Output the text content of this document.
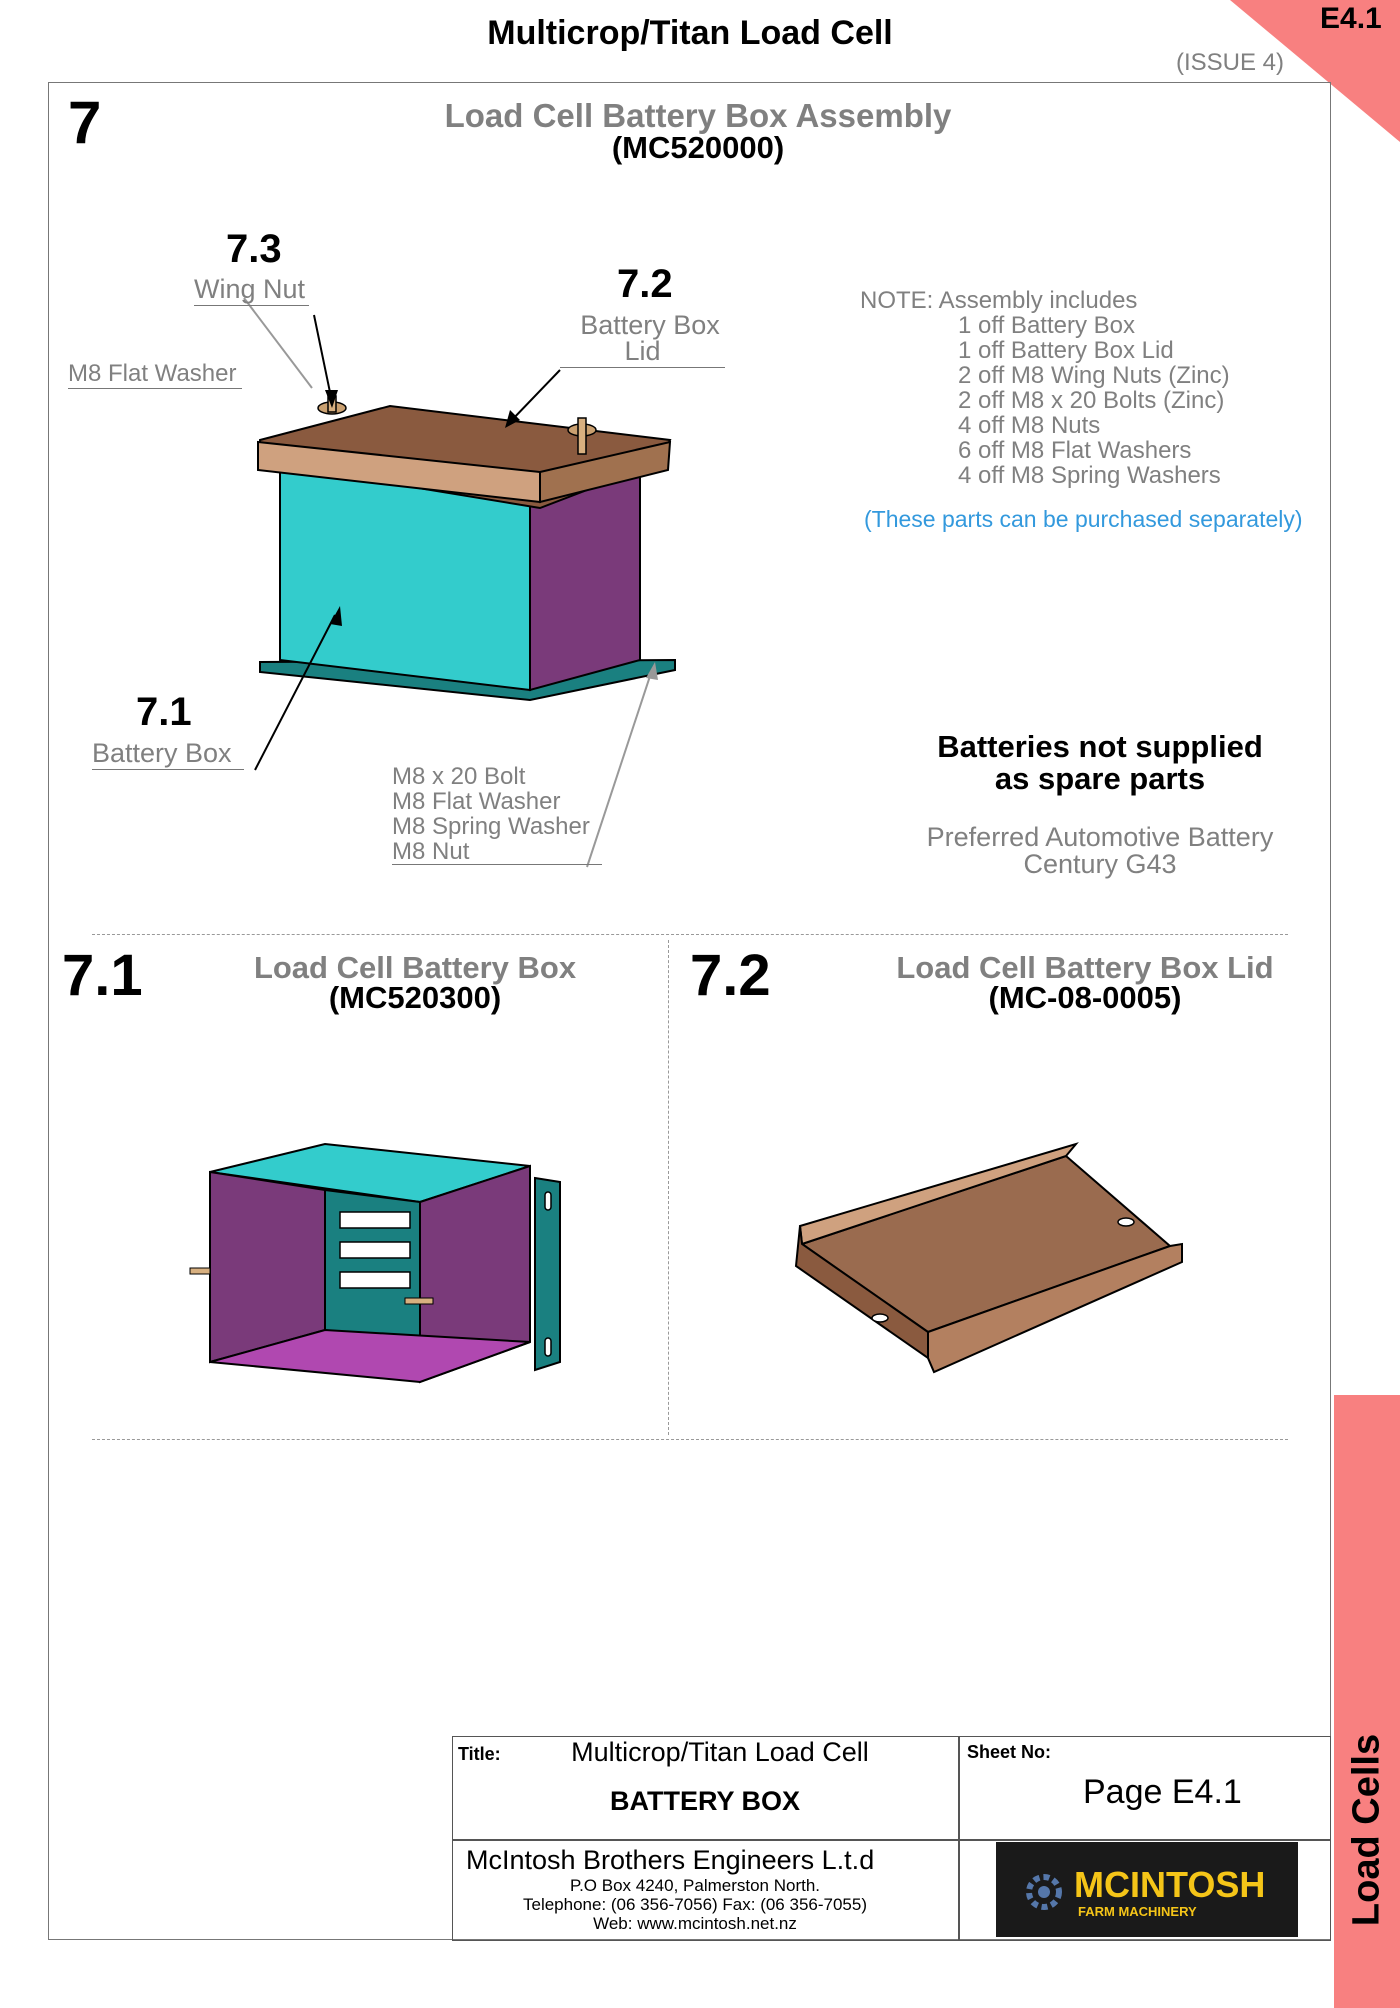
Multicrop/Titan Load Cell
(ISSUE 4)
E4.1
7	Load Cell Battery Box Assembly
(MC520000)
7.3
Wing Nut	7.2
Battery Box
Lid
M8 Flat Washer
7.1
Battery Box
M8 x 20 Bolt
M8 Flat Washer
M8 Spring Washer
M8 Nut
NOTE: Assembly includes
1 off Battery Box
1 off Battery Box Lid
2 off M8 Wing Nuts (Zinc)
2 off M8 x 20 Bolts (Zinc)
4 off M8 Nuts
6 off M8 Flat Washers
4 off M8 Spring Washers
(These parts can be purchased separately)
Batteries not supplied
as spare parts
Preferred Automotive Battery
Century G43
7.1	Load Cell Battery Box
(MC520300)	7.2	Load Cell Battery Box Lid
(MC-08-0005)
Title:	Multicrop/Titan Load Cell
BATTERY BOX
Sheet No:
Page E4.1
McIntosh Brothers Engineers L.t.d
P.O Box 4240, Palmerston North.
Telephone: (06 356-7056) Fax: (06 356-7055)
Web: www.mcintosh.net.nz
MCINTOSH
FARM MACHINERY	Load Cells
